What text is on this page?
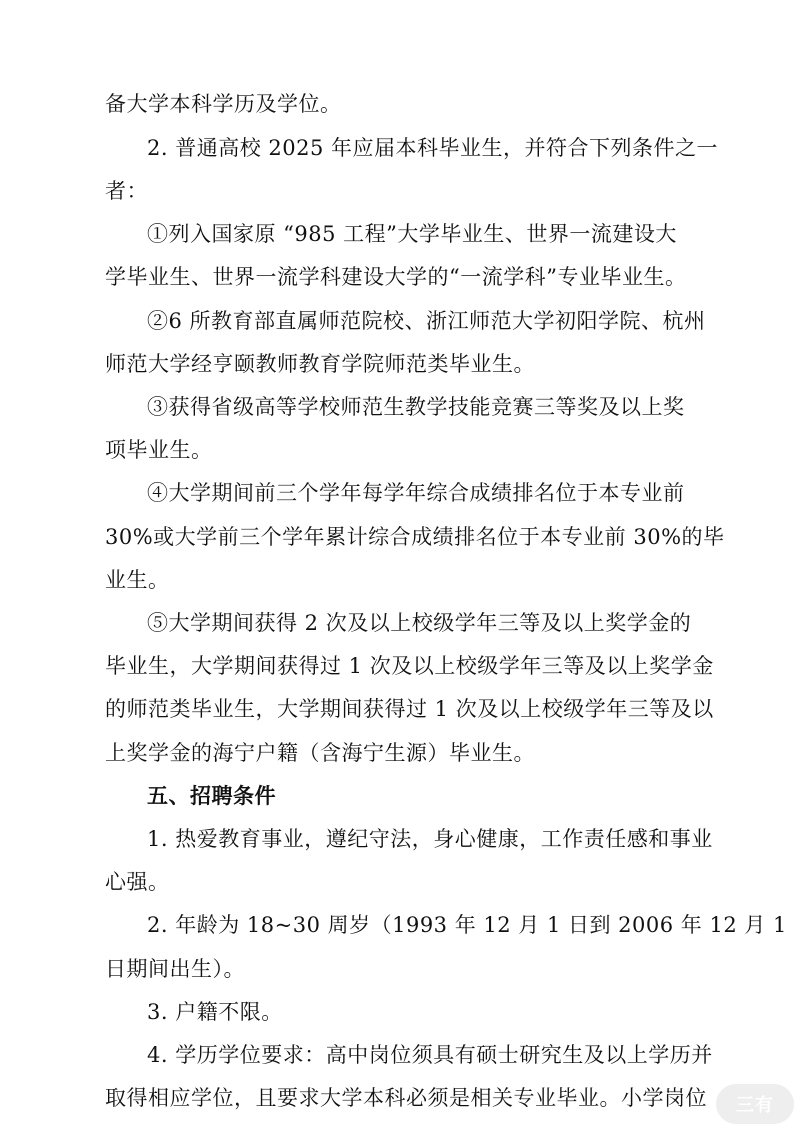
备大学本科学历及学位。
2. 普通高校 2025 年应届本科毕业生，并符合下列条件之一
者：
①列入国家原 “985 工程”大学毕业生、世界一流建设大
学毕业生、世界一流学科建设大学的“一流学科”专业毕业生。
②6 所教育部直属师范院校、浙江师范大学初阳学院、杭州
师范大学经亨颐教师教育学院师范类毕业生。
③获得省级高等学校师范生教学技能竞赛三等奖及以上奖
项毕业生。
④大学期间前三个学年每学年综合成绩排名位于本专业前
30%或大学前三个学年累计综合成绩排名位于本专业前 30%的毕
业生。
⑤大学期间获得 2 次及以上校级学年三等及以上奖学金的
毕业生，大学期间获得过 1 次及以上校级学年三等及以上奖学金
的师范类毕业生，大学期间获得过 1 次及以上校级学年三等及以
上奖学金的海宁户籍（含海宁生源）毕业生。
五、招聘条件
1. 热爱教育事业，遵纪守法，身心健康，工作责任感和事业
心强。
2. 年龄为 18~30 周岁（1993 年 12 月 1 日到 2006 年 12 月 1
日期间出生）。
3. 户籍不限。
4. 学历学位要求：高中岗位须具有硕士研究生及以上学历并
取得相应学位，且要求大学本科必须是相关专业毕业。小学岗位 三有
